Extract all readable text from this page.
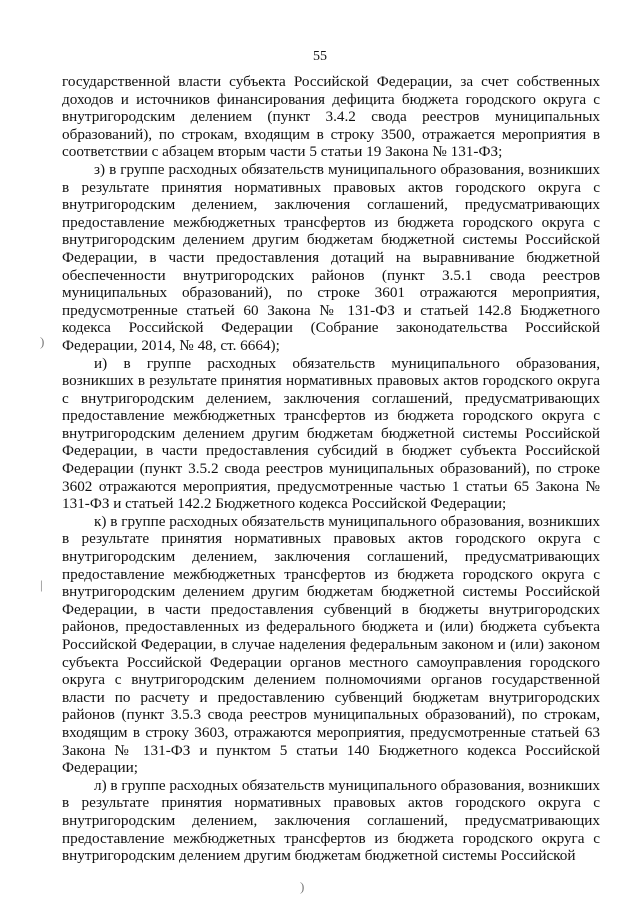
55

государственной власти субъекта Российской Федерации, за счет собственных доходов и источников финансирования дефицита бюджета городского округа с внутригородским делением (пункт 3.4.2 свода реестров муниципальных образований), по строкам, входящим в строку 3500, отражается мероприятия в соответствии с абзацем вторым части 5 статьи 19 Закона № 131-ФЗ;

з) в группе расходных обязательств муниципального образования, возникших в результате принятия нормативных правовых актов городского округа с внутригородским делением, заключения соглашений, предусматривающих предоставление межбюджетных трансфертов из бюджета городского округа с внутригородским делением другим бюджетам бюджетной системы Российской Федерации, в части предоставления дотаций на выравнивание бюджетной обеспеченности внутригородских районов (пункт 3.5.1 свода реестров муниципальных образований), по строке 3601 отражаются мероприятия, предусмотренные статьей 60 Закона № 131-ФЗ и статьей 142.8 Бюджетного кодекса Российской Федерации (Собрание законодательства Российской Федерации, 2014, № 48, ст. 6664);

и) в группе расходных обязательств муниципального образования, возникших в результате принятия нормативных правовых актов городского округа с внутригородским делением, заключения соглашений, предусматривающих предоставление межбюджетных трансфертов из бюджета городского округа с внутригородским делением другим бюджетам бюджетной системы Российской Федерации, в части предоставления субсидий в бюджет субъекта Российской Федерации (пункт 3.5.2 свода реестров муниципальных образований), по строке 3602 отражаются мероприятия, предусмотренные частью 1 статьи 65 Закона № 131-ФЗ и статьей 142.2 Бюджетного кодекса Российской Федерации;

к) в группе расходных обязательств муниципального образования, возникших в результате принятия нормативных правовых актов городского округа с внутригородским делением, заключения соглашений, предусматривающих предоставление межбюджетных трансфертов из бюджета городского округа с внутригородским делением другим бюджетам бюджетной системы Российской Федерации, в части предоставления субвенций в бюджеты внутригородских районов, предоставленных из федерального бюджета и (или) бюджета субъекта Российской Федерации, в случае наделения федеральным законом и (или) законом субъекта Российской Федерации органов местного самоуправления городского округа с внутригородским делением полномочиями органов государственной власти по расчету и предоставлению субвенций бюджетам внутригородских районов (пункт 3.5.3 свода реестров муниципальных образований), по строкам, входящим в строку 3603, отражаются мероприятия, предусмотренные статьей 63 Закона № 131-ФЗ и пунктом 5 статьи 140 Бюджетного кодекса Российской Федерации;

л) в группе расходных обязательств муниципального образования, возникших в результате принятия нормативных правовых актов городского округа с внутригородским делением, заключения соглашений, предусматривающих предоставление межбюджетных трансфертов из бюджета городского округа с внутригородским делением другим бюджетам бюджетной системы Российской

)
|
)
